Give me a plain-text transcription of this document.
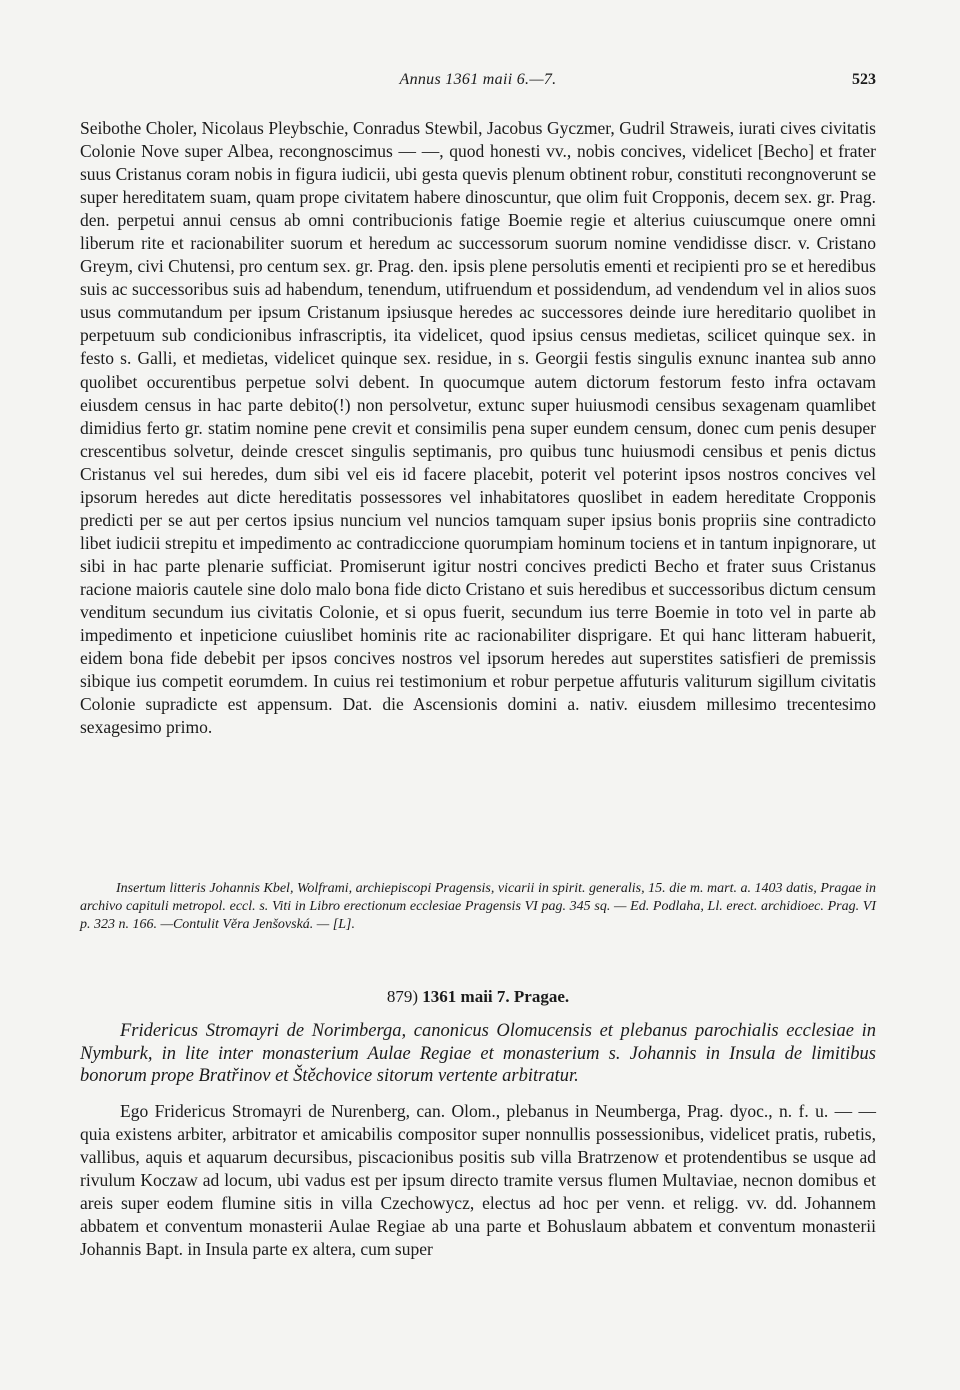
Annus 1361 maii 6.—7.	523

Seibothe Choler, Nicolaus Pleybschie, Conradus Stewbil, Jacobus Gyczmer, Gudril Straweis, iurati cives civitatis Colonie Nove super Albea, recongnoscimus — —, quod honesti vv., nobis concives, videlicet [Becho] et frater suus Cristanus coram nobis in figura iudicii, ubi gesta quevis plenum obtinent robur, constituti recongnoverunt se super hereditatem suam, quam prope civitatem habere dinoscuntur, que olim fuit Cropponis, decem sex. gr. Prag. den. perpetui annui census ab omni contribucionis fatige Boemie regie et alterius cuiuscumque onere omni liberum rite et racionabiliter suorum et heredum ac successorum suorum nomine vendidisse discr. v. Cristano Greym, civi Chutensi, pro centum sex. gr. Prag. den. ipsis plene persolutis ementi et recipienti pro se et heredibus suis ac successoribus suis ad habendum, tenendum, utifruendum et possidendum, ad vendendum vel in alios suos usus commutandum per ipsum Cristanum ipsiusque heredes ac successores deinde iure hereditario quolibet in perpetuum sub condicionibus infrascriptis, ita videlicet, quod ipsius census medietas, scilicet quinque sex. in festo s. Galli, et medietas, videlicet quinque sex. residue, in s. Georgii festis singulis exnunc inantea sub anno quolibet occurentibus perpetue solvi debent. In quocumque autem dictorum festorum festo infra octavam eiusdem census in hac parte debito(!) non persolvetur, extunc super huiusmodi censibus sexagenam quamlibet dimidius ferto gr. statim nomine pene crevit et consimilis pena super eundem censum, donec cum penis desuper crescentibus solvetur, deinde crescet singulis septimanis, pro quibus tunc huiusmodi censibus et penis dictus Cristanus vel sui heredes, dum sibi vel eis id facere placebit, poterit vel poterint ipsos nostros concives vel ipsorum heredes aut dicte hereditatis possessores vel inhabitatores quoslibet in eadem hereditate Cropponis predicti per se aut per certos ipsius nuncium vel nuncios tamquam super ipsius bonis propriis sine contradicto libet iudicii strepitu et impedimento ac contradiccione quorumpiam hominum tociens et in tantum inpignorare, ut sibi in hac parte plenarie sufficiat. Promiserunt igitur nostri concives predicti Becho et frater suus Cristanus racione maioris cautele sine dolo malo bona fide dicto Cristano et suis heredibus et successoribus dictum censum venditum secundum ius civitatis Colonie, et si opus fuerit, secundum ius terre Boemie in toto vel in parte ab impedimento et inpeticione cuiuslibet hominis rite ac racionabiliter disprigare. Et qui hanc litteram habuerit, eidem bona fide debebit per ipsos concives nostros vel ipsorum heredes aut superstites satisfieri de premissis sibique ius competit eorumdem. In cuius rei testimonium et robur perpetue affuturis valiturum sigillum civitatis Colonie supradicte est appensum. Dat. die Ascensionis domini a. nativ. eiusdem millesimo trecentesimo sexagesimo primo.

Insertum litteris Johannis Kbel, Wolframi, archiepiscopi Pragensis, vicarii in spirit. generalis, 15. die m. mart. a. 1403 datis, Pragae in archivo capituli metropol. eccl. s. Viti in Libro erectionum ecclesiae Pragensis VI pag. 345 sq. — Ed. Podlaha, Ll. erect. archidioec. Prag. VI p. 323 n. 166. —Contulit Věra Jenšovská. — [L].
879) 1361 maii 7. Pragae.
Fridericus Stromayri de Norimberga, canonicus Olomucensis et plebanus parochialis ecclesiae in Nymburk, in lite inter monasterium Aulae Regiae et monasterium s. Johannis in Insula de limitibus bonorum prope Bratřinov et Štěchovice sitorum vertente arbitratur.
Ego Fridericus Stromayri de Nurenberg, can. Olom., plebanus in Neumberga, Prag. dyoc., n. f. u. — — quia existens arbiter, arbitrator et amicabilis compositor super nonnullis possessionibus, videlicet pratis, rubetis, vallibus, aquis et aquarum decursibus, piscacionibus positis sub villa Bratrzenow et protendentibus se usque ad rivulum Koczaw ad locum, ubi vadus est per ipsum directo tramite versus flumen Multaviae, necnon domibus et areis super eodem flumine sitis in villa Czechowycz, electus ad hoc per venn. et religg. vv. dd. Johannem abbatem et conventum monasterii Aulae Regiae ab una parte et Bohuslaum abbatem et conventum monasterii Johannis Bapt. in Insula parte ex altera, cum super
